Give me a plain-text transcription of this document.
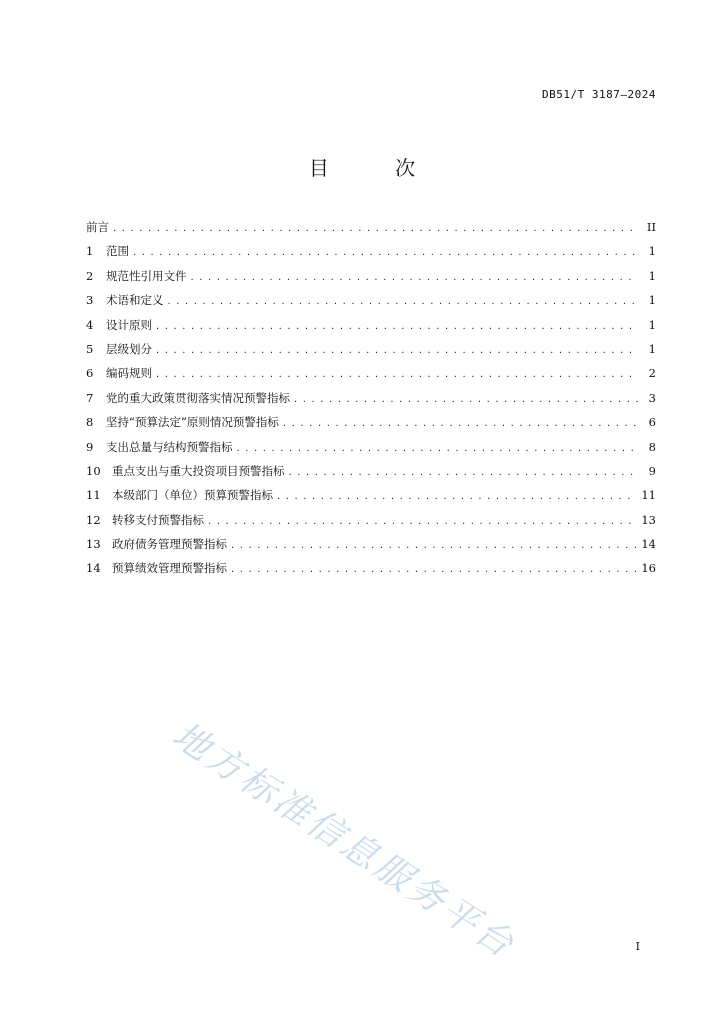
DB51/T 3187—2024
目 次
前言 . . .	II
1	范围 . . .	1
2	规范性引用文件 . . .	1
3	术语和定义 . . .	1
4	设计原则 . . .	1
5	层级划分 . . .	1
6	编码规则 . . .	2
7	党的重大政策贯彻落实情况预警指标 . . .	3
8	坚持“预算法定”原则情况预警指标 . . .	6
9	支出总量与结构预警指标 . . .	8
10 重点支出与重大投资项目预警指标 . . .	9
11 本级部门（单位）预算预警指标 . . .	11
12 转移支付预警指标 . . .	13
13 政府债务管理预警指标 . . .	14
14 预算绩效管理预警指标 . . .	16
地方标准信息服务平台	I
